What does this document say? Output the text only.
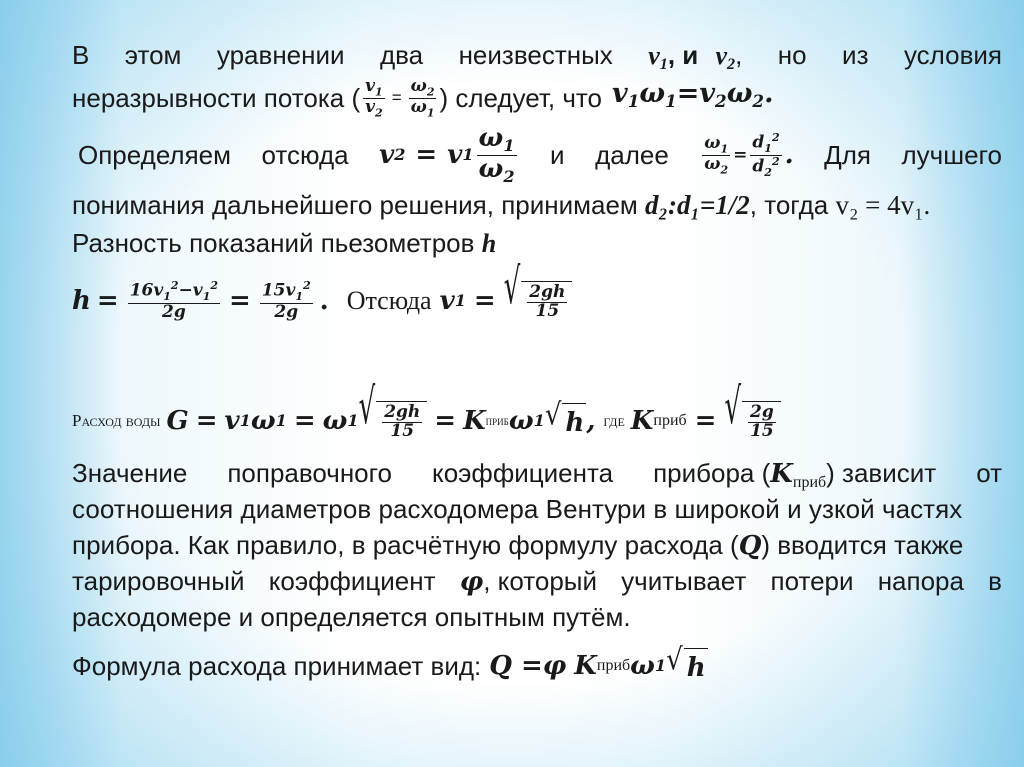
В этом уравнении два неизвестных $v_1$, и $v_2$, но из условия
неразрывности потока ( $\frac{v_1}{v_2} = \frac{\omega_2}{\omega_1}$ ) следует, что $v_1\omega_1=v_2\omega_2$.
Определяем отсюда v 2 = v $1 \frac{\omega_1}{\omega_2}$ и далее $\frac{\omega_1}{\omega_2} = \frac{d_1^2}{d_2^2}$ . Для лучшего
понимания дальнейшего решения, принимаем d₂:d₁=1/2, тогда v₂ = 4v₁.
Разность показаний пьезометров h
$h = \frac{16v_1^2-v_1^2}{2g} = \frac{15v_1^2}{2g}$ . Отсюда v 1 = √ $\frac{2gh}{15}$
Расход воды G = v 1 ω 1 = ω 1 √ $\frac{2gh}{15} = K$ приб ω 1 √ h , где K приб = √ $\frac{2g}{15}$
Значение поправочного коэффициента прибора (Kприб) зависит от
соотношения диаметров расходомера Вентури в широкой и узкой частях
прибора. Как правило, в расчётную формулу расхода (Q) вводится также
тарировочный коэффициент φ, который учитывает потери напора в
расходомере и определяется опытным путём.
Формула расхода принимает вид: Q =φ K приб ω 1 √ h
